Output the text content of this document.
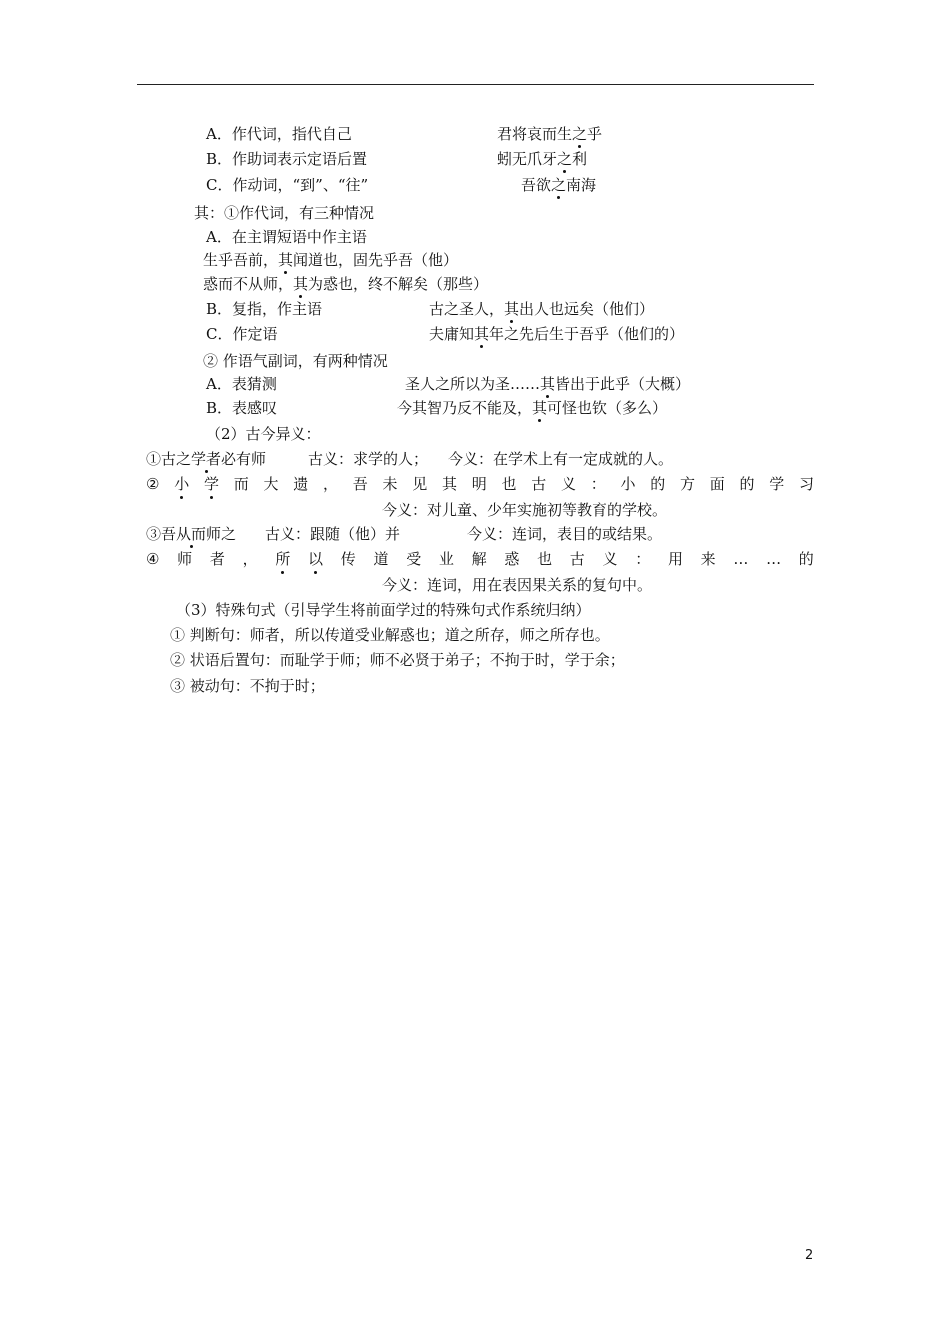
A．作代词，指代自己	君将哀而生之乎
B．作助词表示定语后置	蚓无爪牙之利
C．作动词，“到”、“往”	吾欲之南海
其：①作代词，有三种情况
A．在主谓短语中作主语
生乎吾前，其闻道也，固先乎吾（他）
惑而不从师，其为惑也，终不解矣（那些）
B．复指，作主语	古之圣人，其出人也远矣（他们）
C．作定语	夫庸知其年之先后生于吾乎（他们的）
② 作语气副词，有两种情况
A．表猜测	圣人之所以为圣……其皆出于此乎（大概）
B．表感叹	今其智乃反不能及，其可怪也钦（多么）
（2）古今异义：
①古之学者必有师	古义：求学的人； 今义：在学术上有一定成就的人。
② 小 学 而 大 遗 ， 吾 未 见 其 明 也 古 义 ： 小 的 方 面 的 学 习
今义：对儿童、少年实施初等教育的学校。
③吾从而师之 古义：跟随（他）并	今义：连词，表目的或结果。
④ 师 者 ， 所 以 传 道 受 业 解 惑 也 古 义 ： 用 来 … … 的
今义：连词，用在表因果关系的复句中。
（3）特殊句式（引导学生将前面学过的特殊句式作系统归纳）
① 判断句：师者，所以传道受业解惑也；道之所存，师之所存也。
② 状语后置句：而耻学于师；师不必贤于弟子；不拘于时，学于余；
③ 被动句：不拘于时；
2
